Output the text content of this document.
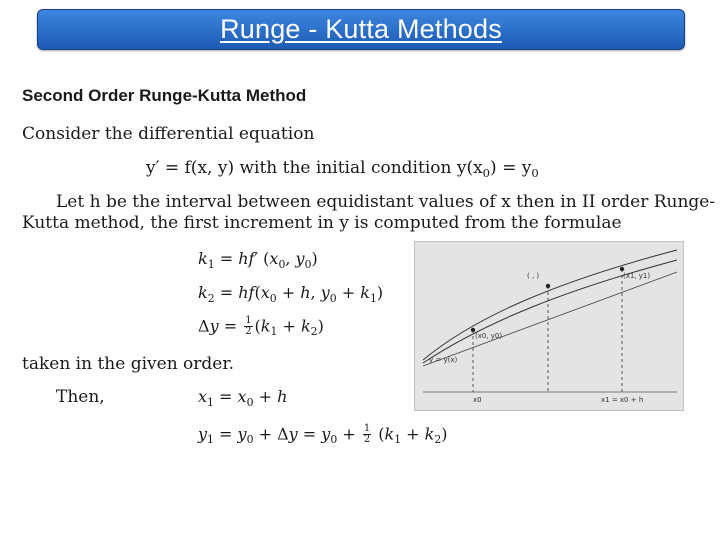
Runge - Kutta Methods
Second Order Runge-Kutta Method
Consider the differential equation
y′ = f(x, y) with the initial condition $y(x_0) = y_0$
Let h be the interval between equidistant values of x then in II order Runge-
Kutta method, the first increment in y is computed from the formulae
$k_1 = hf'$ ($x_0$, $y_0$)
$k_2 = hf(x_0 + h$, $y_0 + k_1$)
$\Delta y = \frac{1}{2} (k_1 + k_2)$
taken in the given order.
Then,	$x_1 = x_0 + h$
$y_1 = y_0 + \Delta y = y_0 + \frac{1}{2} (k_1 + k_2)$
(x0, y0)
(x1, y1)
( , )
y = y(x)
x0	x1 = x0 + h
